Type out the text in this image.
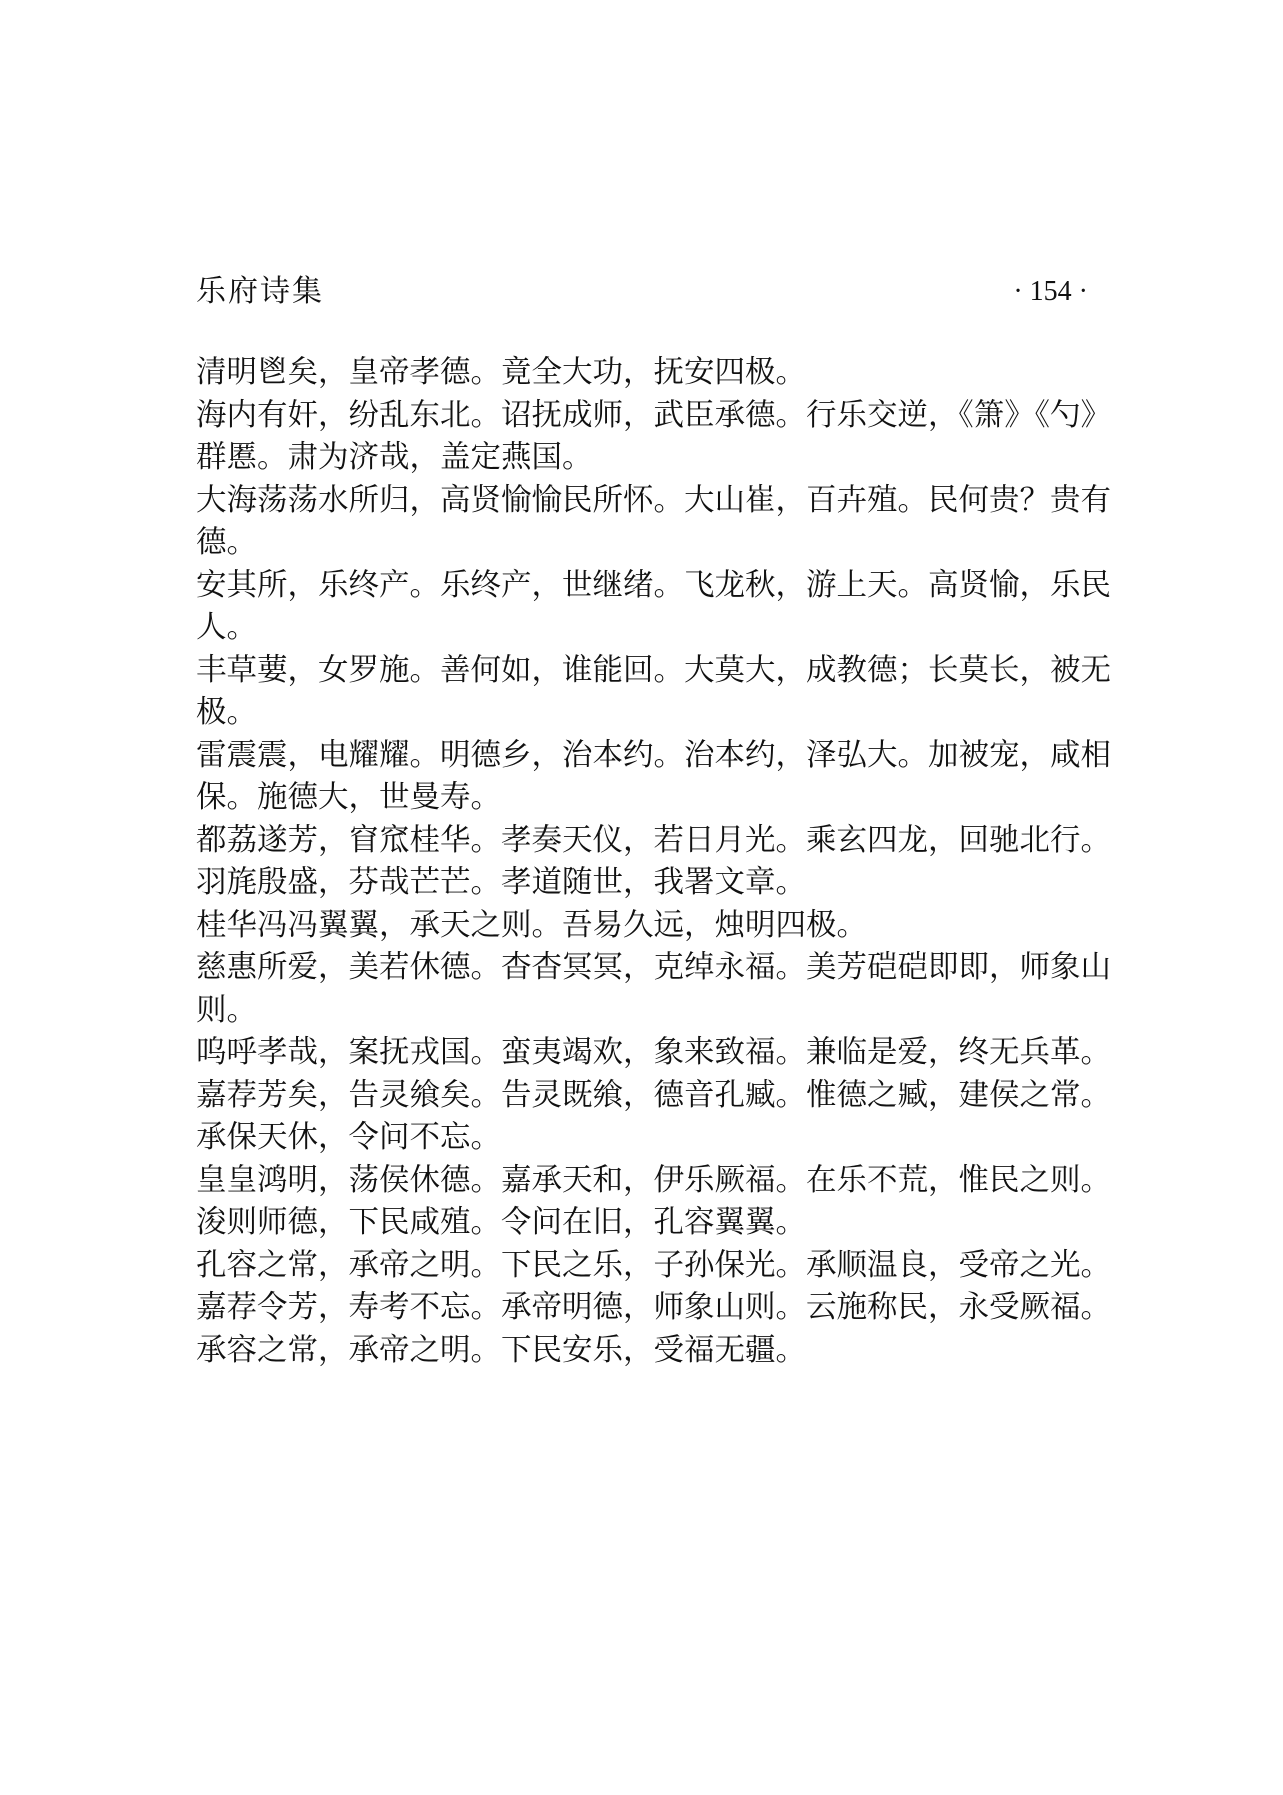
乐府诗集	· 154 ·

清明鬯矣，皇帝孝德。竟全大功，抚安四极。

海内有奸，纷乱东北。诏抚成师，武臣承德。行乐交逆，《箫》《勺》群慝。肃为济哉，盖定燕国。

大海荡荡水所归，高贤愉愉民所怀。大山崔，百卉殖。民何贵？贵有德。

安其所，乐终产。乐终产，世继绪。飞龙秋，游上天。高贤愉，乐民人。

丰草葽，女罗施。善何如，谁能回。大莫大，成教德；长莫长，被无极。

雷震震，电耀耀。明德乡，治本约。治本约，泽弘大。加被宠，咸相保。施德大，世曼寿。

都荔遂芳，窅窊桂华。孝奏天仪，若日月光。乘玄四龙，回驰北行。羽旄殷盛，芬哉芒芒。孝道随世，我署文章。

桂华冯冯翼翼，承天之则。吾易久远，烛明四极。

慈惠所爱，美若休德。杳杳冥冥，克绰永福。美芳硙硙即即，师象山则。

呜呼孝哉，案抚戎国。蛮夷竭欢，象来致福。兼临是爱，终无兵革。

嘉荐芳矣，告灵飨矣。告灵既飨，德音孔臧。惟德之臧，建侯之常。承保天休，令问不忘。

皇皇鸿明，荡侯休德。嘉承天和，伊乐厥福。在乐不荒，惟民之则。浚则师德，下民咸殖。令问在旧，孔容翼翼。

孔容之常，承帝之明。下民之乐，子孙保光。承顺温良，受帝之光。嘉荐令芳，寿考不忘。承帝明德，师象山则。云施称民，永受厥福。承容之常，承帝之明。下民安乐，受福无疆。
